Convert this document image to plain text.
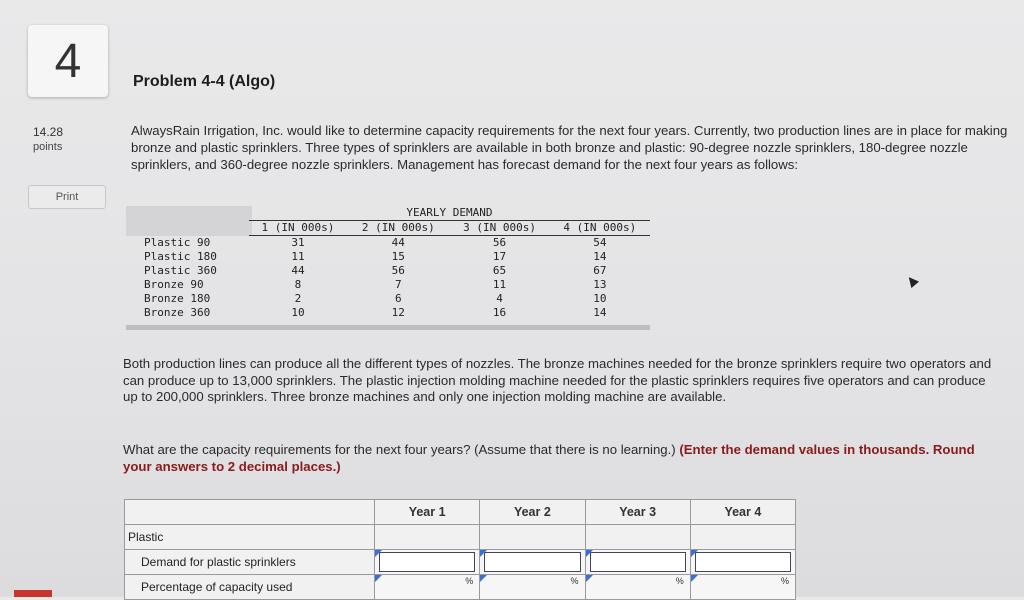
4	Problem 4-4 (Algo)
14.28
points
Print
AlwaysRain Irrigation, Inc. would like to determine capacity requirements for the next four years. Currently, two production lines are in place for making bronze and plastic sprinklers. Three types of sprinklers are available in both bronze and plastic: 90-degree nozzle sprinklers, 180-degree nozzle sprinklers, and 360-degree nozzle sprinklers. Management has forecast demand for the next four years as follows:
	YEARLY DEMAND			
	1 (IN 000s)	2 (IN 000s)	3 (IN 000s)	4 (IN 000s)
Plastic 90	31	44	56	54
Plastic 180	11	15	17	14
Plastic 360	44	56	65	67
Bronze 90	8	7	11	13
Bronze 180	2	6	4	10
Bronze 360	10	12	16	14
Both production lines can produce all the different types of nozzles. The bronze machines needed for the bronze sprinklers require two operators and can produce up to 13,000 sprinklers. The plastic injection molding machine needed for the plastic sprinklers requires five operators and can produce up to 200,000 sprinklers. Three bronze machines and only one injection molding machine are available.
What are the capacity requirements for the next four years? (Assume that there is no learning.) (Enter the demand values in thousands. Round your answers to 2 decimal places.)
	Year 1	Year 2	Year 3	Year 4
Plastic				
Demand for plastic sprinklers	

Percentage of capacity used	%	%	%	%
